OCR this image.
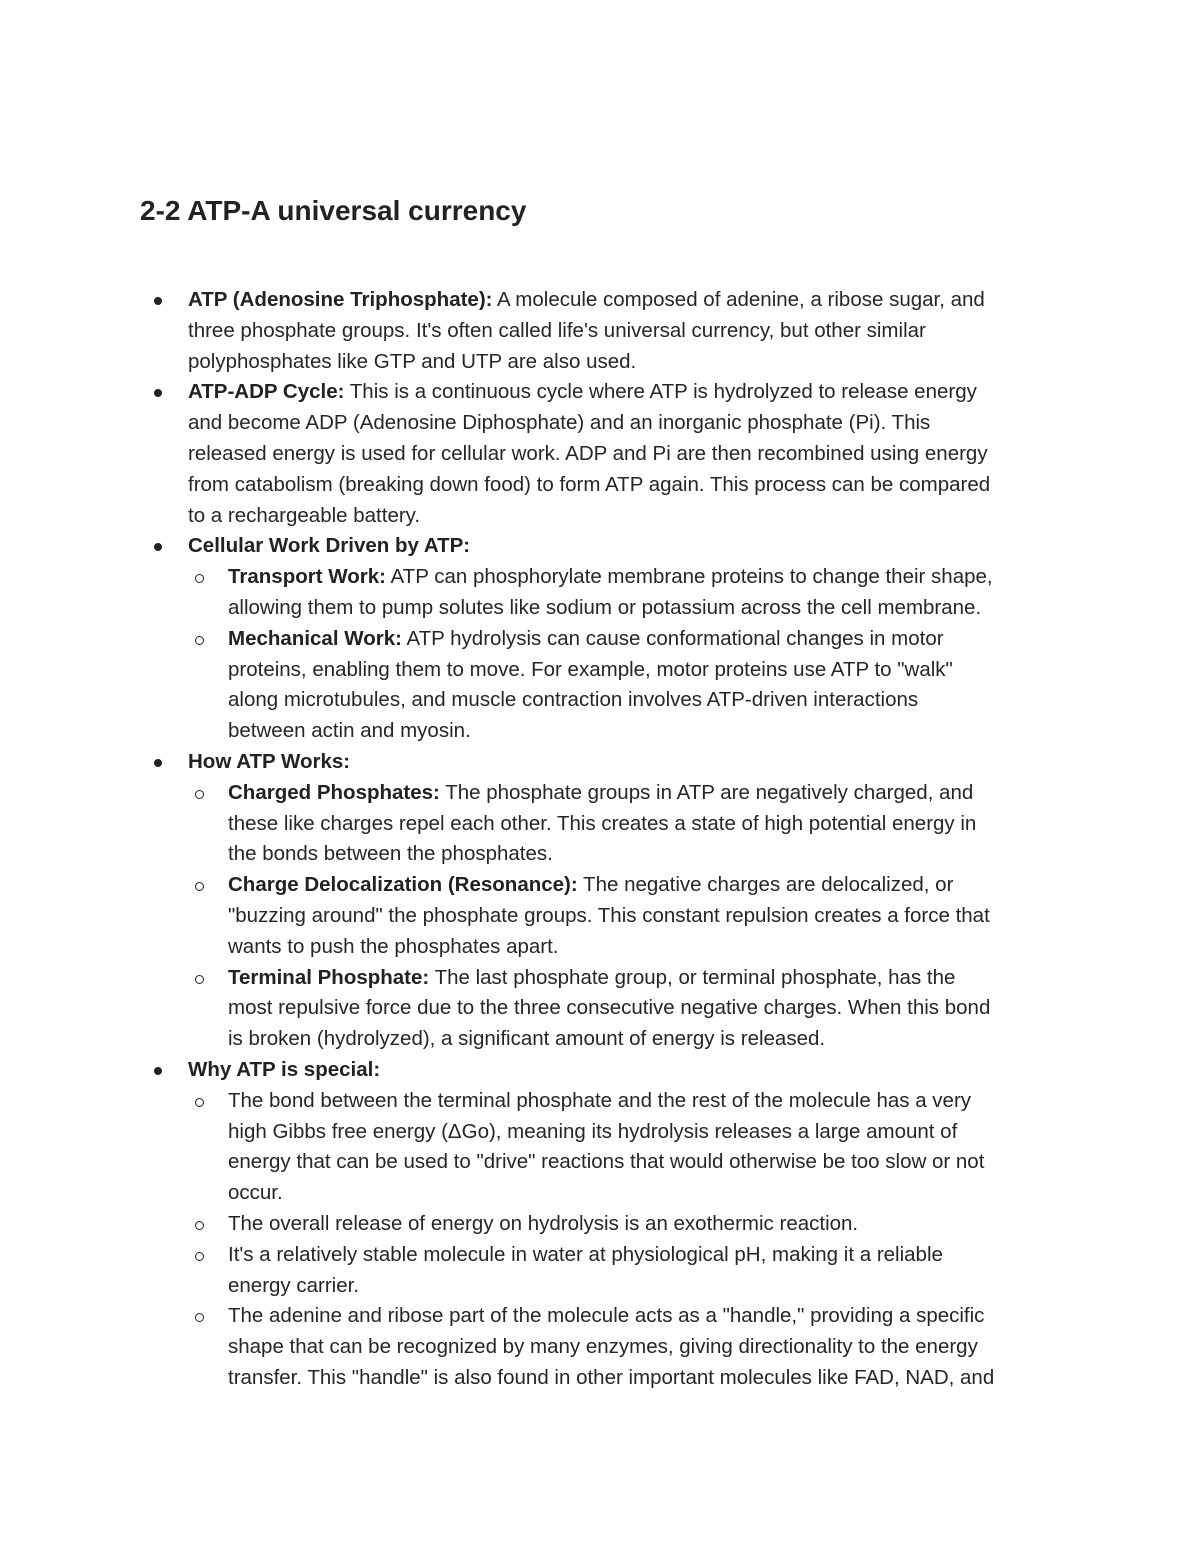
2-2 ATP-A universal currency
ATP (Adenosine Triphosphate): A molecule composed of adenine, a ribose sugar, and
three phosphate groups. It's often called life's universal currency, but other similar
polyphosphates like GTP and UTP are also used.
ATP-ADP Cycle: This is a continuous cycle where ATP is hydrolyzed to release energy
and become ADP (Adenosine Diphosphate) and an inorganic phosphate (Pi). This
released energy is used for cellular work. ADP and Pi are then recombined using energy
from catabolism (breaking down food) to form ATP again. This process can be compared
to a rechargeable battery.
Cellular Work Driven by ATP:
Transport Work: ATP can phosphorylate membrane proteins to change their shape,
allowing them to pump solutes like sodium or potassium across the cell membrane.
Mechanical Work: ATP hydrolysis can cause conformational changes in motor
proteins, enabling them to move. For example, motor proteins use ATP to "walk"
along microtubules, and muscle contraction involves ATP-driven interactions
between actin and myosin.
How ATP Works:
Charged Phosphates: The phosphate groups in ATP are negatively charged, and
these like charges repel each other. This creates a state of high potential energy in
the bonds between the phosphates.
Charge Delocalization (Resonance): The negative charges are delocalized, or
"buzzing around" the phosphate groups. This constant repulsion creates a force that
wants to push the phosphates apart.
Terminal Phosphate: The last phosphate group, or terminal phosphate, has the
most repulsive force due to the three consecutive negative charges. When this bond
is broken (hydrolyzed), a significant amount of energy is released.
Why ATP is special:
The bond between the terminal phosphate and the rest of the molecule has a very
high Gibbs free energy (ΔGo), meaning its hydrolysis releases a large amount of
energy that can be used to "drive" reactions that would otherwise be too slow or not
occur.
The overall release of energy on hydrolysis is an exothermic reaction.
It's a relatively stable molecule in water at physiological pH, making it a reliable
energy carrier.
The adenine and ribose part of the molecule acts as a "handle," providing a specific
shape that can be recognized by many enzymes, giving directionality to the energy
transfer. This "handle" is also found in other important molecules like FAD, NAD, and
